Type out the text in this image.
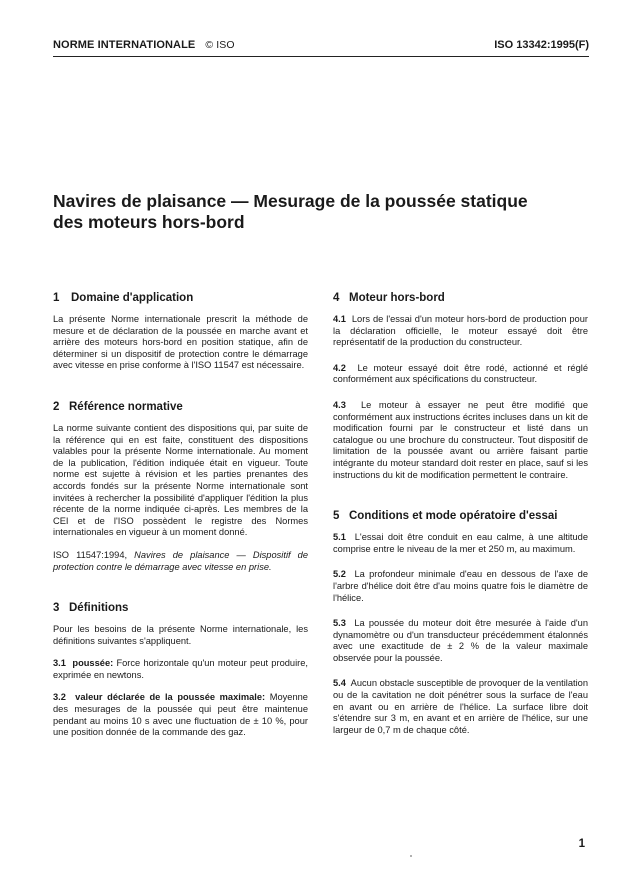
NORME INTERNATIONALE © ISO	ISO 13342:1995(F)
Navires de plaisance — Mesurage de la poussée statique
des moteurs hors-bord
1 Domaine d'application

La présente Norme internationale prescrit la méthode de mesure et de déclaration de la poussée en marche avant et arrière des moteurs hors-bord en position statique, afin de déterminer si un dispositif de protection contre le démarrage avec vitesse en prise conforme à l'ISO 11547 est nécessaire.

2 Référence normative

La norme suivante contient des dispositions qui, par suite de la référence qui en est faite, constituent des dispositions valables pour la présente Norme internationale. Au moment de la publication, l'édition indiquée était en vigueur. Toute norme est sujette à révision et les parties prenantes des accords fondés sur la présente Norme internationale sont invitées à rechercher la possibilité d'appliquer l'édition la plus récente de la norme indiquée ci-après. Les membres de la CEI et de l'ISO possèdent le registre des Normes internationales en vigueur à un moment donné.

ISO 11547:1994, Navires de plaisance — Dispositif de protection contre le démarrage avec vitesse en prise.

3 Définitions

Pour les besoins de la présente Norme internationale, les définitions suivantes s'appliquent.

3.1 poussée: Force horizontale qu'un moteur peut produire, exprimée en newtons.

3.2 valeur déclarée de la poussée maximale: Moyenne des mesurages de la poussée qui peut être maintenue pendant au moins 10 s avec une fluctuation de ± 10 %, pour une position donnée de la commande des gaz.

4 Moteur hors-bord

4.1 Lors de l'essai d'un moteur hors-bord de production pour la déclaration officielle, le moteur essayé doit être représentatif de la production du constructeur.

4.2 Le moteur essayé doit être rodé, actionné et réglé conformément aux spécifications du constructeur.

4.3 Le moteur à essayer ne peut être modifié que conformément aux instructions écrites incluses dans un kit de modification fourni par le constructeur et listé dans un catalogue ou une brochure du constructeur. Tout dispositif de limitation de la poussée avant ou arrière faisant partie intégrante du moteur standard doit rester en place, sauf si les instructions du kit de modification permettent le contraire.

5 Conditions et mode opératoire d'essai

5.1 L'essai doit être conduit en eau calme, à une altitude comprise entre le niveau de la mer et 250 m, au maximum.

5.2 La profondeur minimale d'eau en dessous de l'axe de l'arbre d'hélice doit être d'au moins quatre fois le diamètre de l'hélice.

5.3 La poussée du moteur doit être mesurée à l'aide d'un dynamomètre ou d'un transducteur précédemment étalonnés avec une exactitude de ± 2 % de la valeur maximale observée pour la poussée.

5.4 Aucun obstacle susceptible de provoquer de la ventilation ou de la cavitation ne doit pénétrer sous la surface de l'eau en avant ou en arrière de l'hélice. La surface libre doit s'étendre sur 3 m, en avant et en arrière de l'hélice, sur une largeur de 0,7 m de chaque côté.

1
